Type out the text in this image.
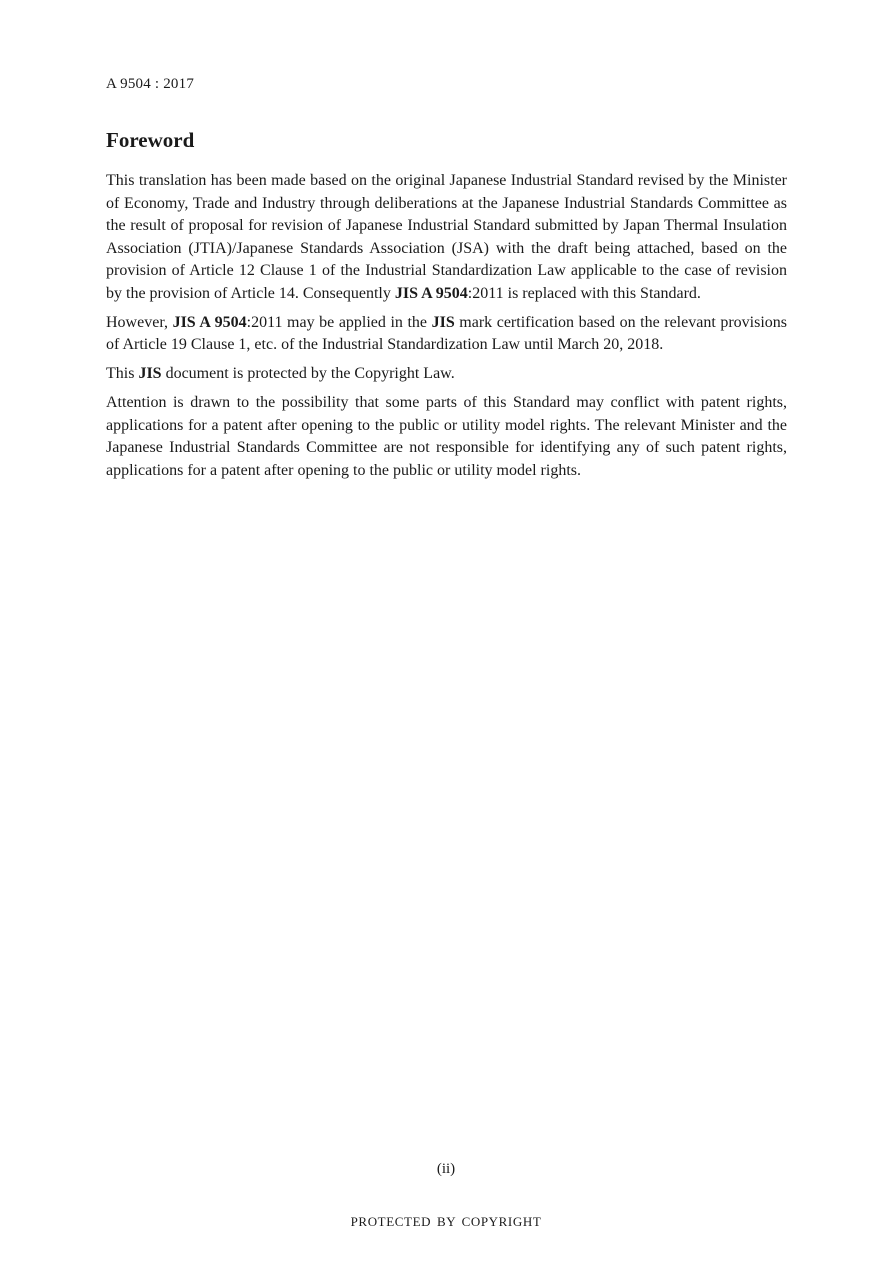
A 9504 : 2017
Foreword

This translation has been made based on the original Japanese Industrial Standard revised by the Minister of Economy, Trade and Industry through deliberations at the Japanese Industrial Standards Committee as the result of proposal for revision of Japanese Industrial Standard submitted by Japan Thermal Insulation Association (JTIA)/Japanese Standards Association (JSA) with the draft being attached, based on the provision of Article 12 Clause 1 of the Industrial Standardization Law applicable to the case of revision by the provision of Article 14. Consequently JIS A 9504:2011 is replaced with this Standard.

However, JIS A 9504:2011 may be applied in the JIS mark certification based on the relevant provisions of Article 19 Clause 1, etc. of the Industrial Standardization Law until March 20, 2018.

This JIS document is protected by the Copyright Law.

Attention is drawn to the possibility that some parts of this Standard may conflict with patent rights, applications for a patent after opening to the public or utility model rights. The relevant Minister and the Japanese Industrial Standards Committee are not responsible for identifying any of such patent rights, applications for a patent after opening to the public or utility model rights.

(ii)
PROTECTED BY COPYRIGHT
